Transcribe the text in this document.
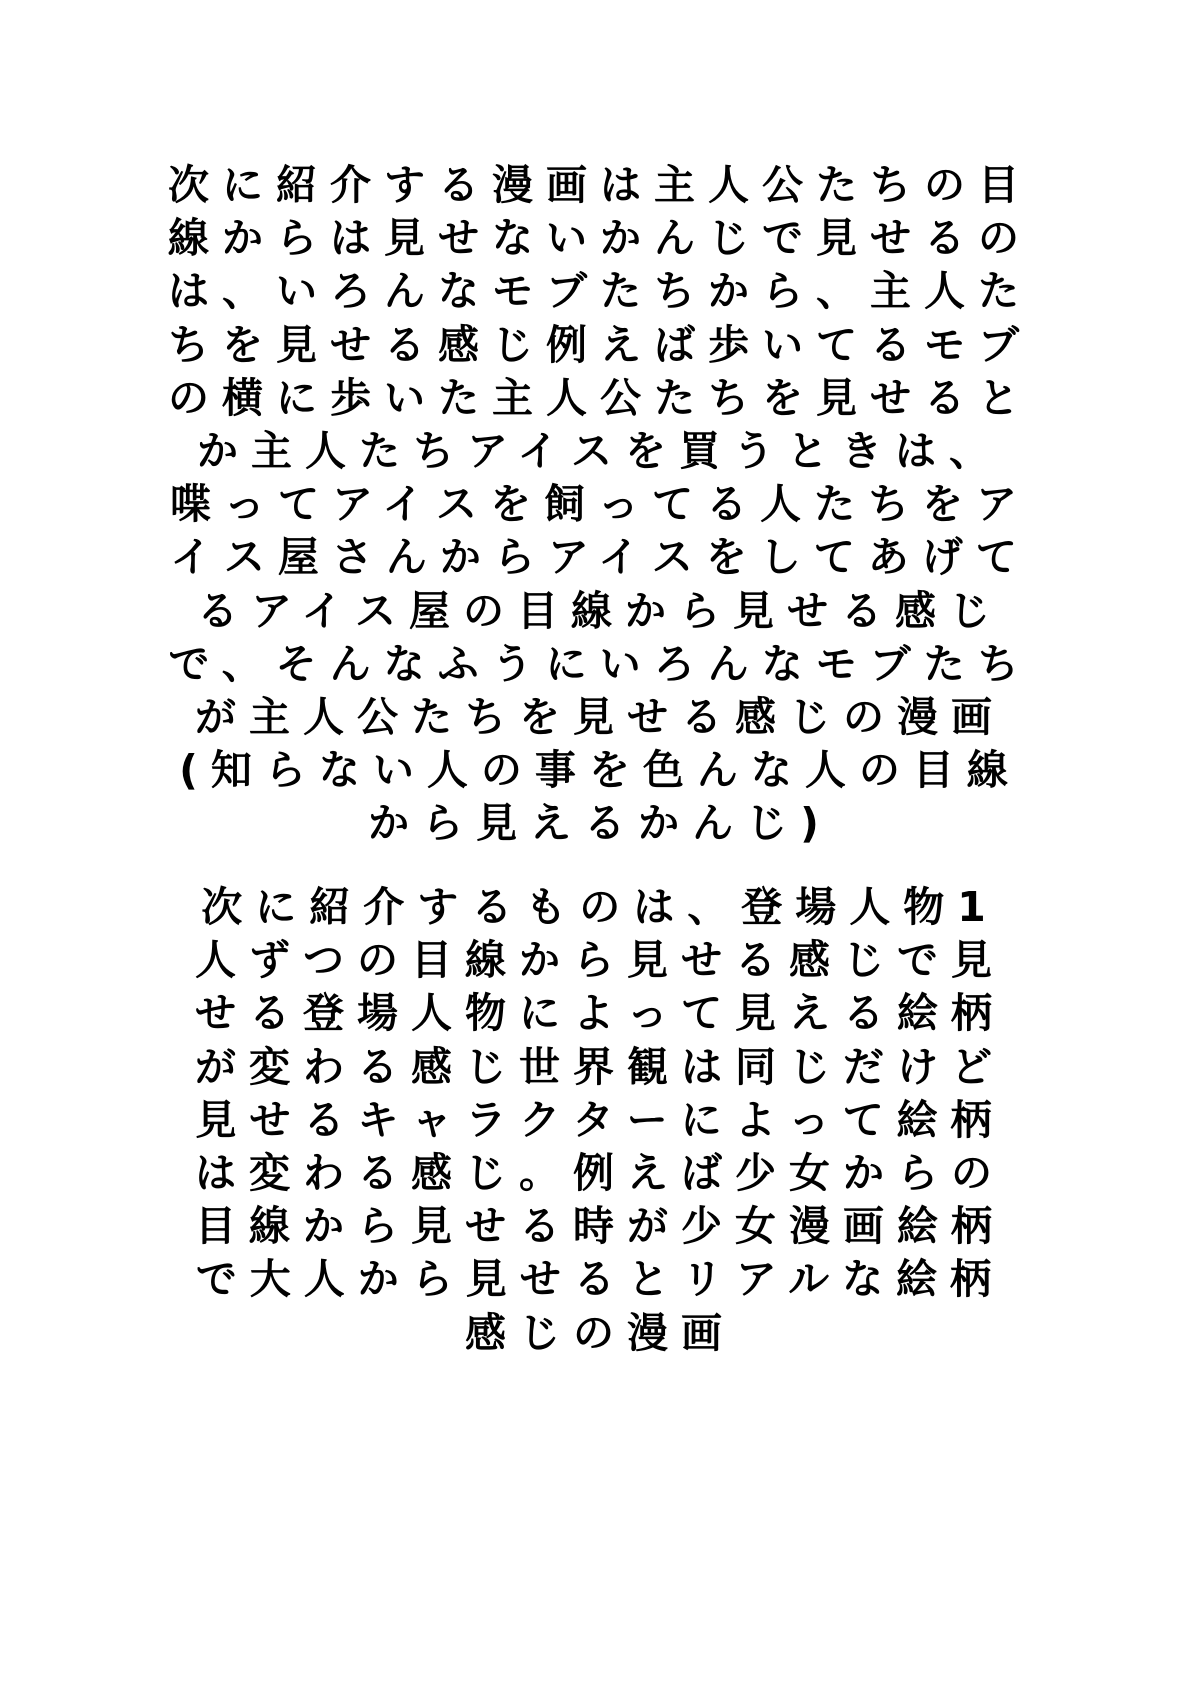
次に紹介する漫画は主人公たちの目
線からは見せないかんじで見せるの
は、いろんなモブたちから、主人た
ちを見せる感じ例えば歩いてるモブ
の横に歩いた主人公たちを見せると
か主人たちアイスを買うときは、
喋ってアイスを飼ってる人たちをア
イス屋さんからアイスをしてあげて
るアイス屋の目線から見せる感じ
で、そんなふうにいろんなモブたち
が主人公たちを見せる感じの漫画
(知らない人の事を色んな人の目線
から見えるかんじ)

次に紹介するものは、登場人物1
人ずつの目線から見せる感じで見
せる登場人物によって見える絵柄
が変わる感じ世界観は同じだけど
見せるキャラクターによって絵柄
は変わる感じ。例えば少女からの
目線から見せる時が少女漫画絵柄
で大人から見せるとリアルな絵柄
感じの漫画
